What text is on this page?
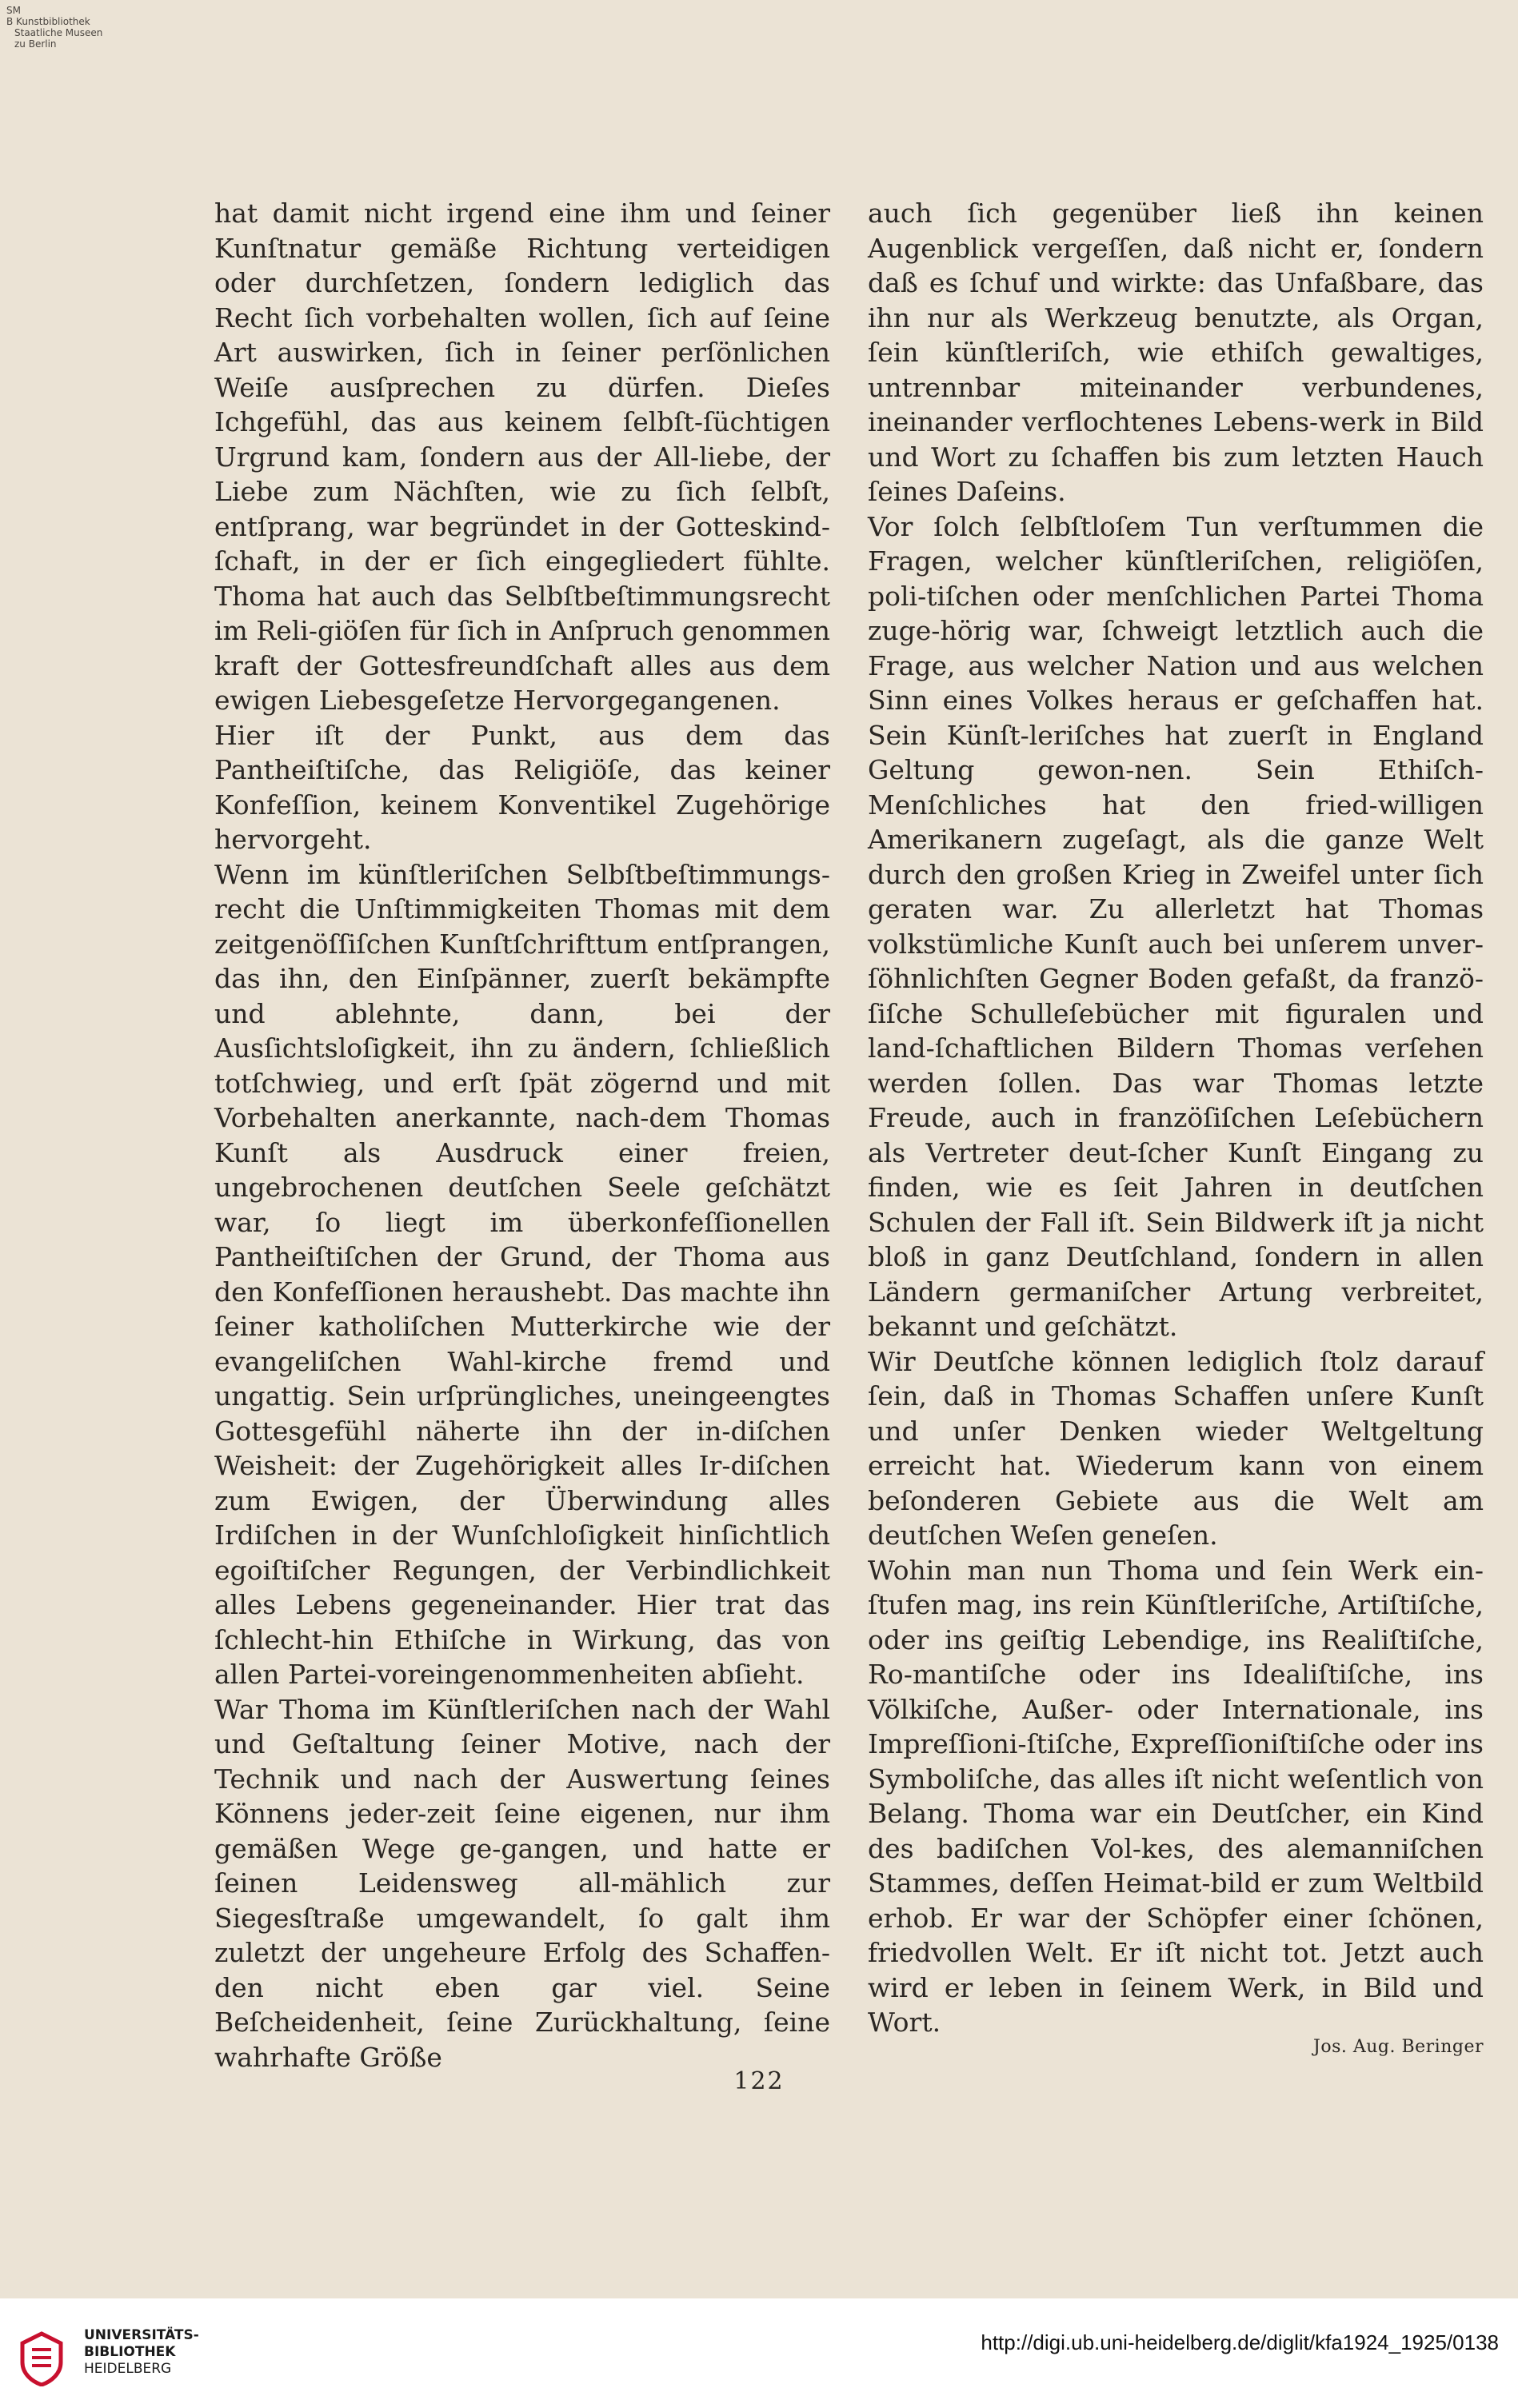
SM
B Kunstbibliothek
Staatliche Museen
zu Berlin

hat damit nicht irgend eine ihm und ſeiner Kunſtnatur gemäße Richtung verteidigen oder durchſetzen, ſondern lediglich das Recht ſich vorbehalten wollen, ſich auf ſeine Art auswirken, ſich in ſeiner perſönlichen Weiſe ausſprechen zu dürfen. Dieſes Ichgefühl, das aus keinem ſelbſt-ſüchtigen Urgrund kam, ſondern aus der All-liebe, der Liebe zum Nächſten, wie zu ſich ſelbſt, entſprang, war begründet in der Gotteskind-ſchaft, in der er ſich eingegliedert fühlte. Thoma hat auch das Selbſtbeſtimmungsrecht im Reli-giöſen für ſich in Anſpruch genommen kraft der Gottesfreundſchaft alles aus dem ewigen Liebesgeſetze Hervorgegangenen.

Hier iſt der Punkt, aus dem das Pantheiſtiſche, das Religiöſe, das keiner Konfeſſion, keinem Konventikel Zugehörige hervorgeht.

Wenn im künſtleriſchen Selbſtbeſtimmungs-recht die Unſtimmigkeiten Thomas mit dem zeitgenöſſiſchen Kunſtſchrifttum entſprangen, das ihn, den Einſpänner, zuerſt bekämpfte und ablehnte, dann, bei der Ausſichtsloſigkeit, ihn zu ändern, ſchließlich totſchwieg, und erſt ſpät zögernd und mit Vorbehalten anerkannte, nach-dem Thomas Kunſt als Ausdruck einer freien, ungebrochenen deutſchen Seele geſchätzt war, ſo liegt im überkonfeſſionellen Pantheiſtiſchen der Grund, der Thoma aus den Konfeſſionen heraushebt. Das machte ihn ſeiner katholiſchen Mutterkirche wie der evangeliſchen Wahl-kirche fremd und ungattig. Sein urſprüngliches, uneingeengtes Gottesgefühl näherte ihn der in-diſchen Weisheit: der Zugehörigkeit alles Ir-diſchen zum Ewigen, der Überwindung alles Irdiſchen in der Wunſchloſigkeit hinſichtlich egoiſtiſcher Regungen, der Verbindlichkeit alles Lebens gegeneinander. Hier trat das ſchlecht-hin Ethiſche in Wirkung, das von allen Partei-voreingenommenheiten abſieht.

War Thoma im Künſtleriſchen nach der Wahl und Geſtaltung ſeiner Motive, nach der Technik und nach der Auswertung ſeines Könnens jeder-zeit ſeine eigenen, nur ihm gemäßen Wege ge-gangen, und hatte er ſeinen Leidensweg all-mählich zur Siegesſtraße umgewandelt, ſo galt ihm zuletzt der ungeheure Erfolg des Schaffen-den nicht eben gar viel. Seine Beſcheidenheit, ſeine Zurückhaltung, ſeine wahrhafte Größe

auch ſich gegenüber ließ ihn keinen Augenblick vergeſſen, daß nicht er, ſondern daß es ſchuf und wirkte: das Unfaßbare, das ihn nur als Werkzeug benutzte, als Organ, ſein künſtleriſch, wie ethiſch gewaltiges, untrennbar miteinander verbundenes, ineinander verflochtenes Lebens-werk in Bild und Wort zu ſchaffen bis zum letzten Hauch ſeines Daſeins.

Vor ſolch ſelbſtloſem Tun verſtummen die Fragen, welcher künſtleriſchen, religiöſen, poli-tiſchen oder menſchlichen Partei Thoma zuge-hörig war, ſchweigt letztlich auch die Frage, aus welcher Nation und aus welchen Sinn eines Volkes heraus er geſchaffen hat. Sein Künſt-leriſches hat zuerſt in England Geltung gewon-nen. Sein Ethiſch-Menſchliches hat den fried-willigen Amerikanern zugeſagt, als die ganze Welt durch den großen Krieg in Zweifel unter ſich geraten war. Zu allerletzt hat Thomas volkstümliche Kunſt auch bei unſerem unver-ſöhnlichſten Gegner Boden gefaßt, da franzö-ſiſche Schulleſebücher mit figuralen und land-ſchaftlichen Bildern Thomas verſehen werden ſollen. Das war Thomas letzte Freude, auch in franzöſiſchen Leſebüchern als Vertreter deut-ſcher Kunſt Eingang zu finden, wie es ſeit Jahren in deutſchen Schulen der Fall iſt. Sein Bildwerk iſt ja nicht bloß in ganz Deutſchland, ſondern in allen Ländern germaniſcher Artung verbreitet, bekannt und geſchätzt.

Wir Deutſche können lediglich ſtolz darauf ſein, daß in Thomas Schaffen unſere Kunſt und unſer Denken wieder Weltgeltung erreicht hat. Wiederum kann von einem beſonderen Gebiete aus die Welt am deutſchen Weſen geneſen.

Wohin man nun Thoma und ſein Werk ein-ſtufen mag, ins rein Künſtleriſche, Artiſtiſche, oder ins geiſtig Lebendige, ins Realiſtiſche, Ro-mantiſche oder ins Idealiſtiſche, ins Völkiſche, Außer- oder Internationale, ins Impreſſioni-ſtiſche, Expreſſioniſtiſche oder ins Symboliſche, das alles iſt nicht weſentlich von Belang. Thoma war ein Deutſcher, ein Kind des badiſchen Vol-kes, des alemanniſchen Stammes, deſſen Heimat-bild er zum Weltbild erhob. Er war der Schöpfer einer ſchönen, friedvollen Welt. Er iſt nicht tot. Jetzt auch wird er leben in ſeinem Werk, in Bild und Wort.

Jos. Aug. Beringer
122
UNIVERSITÄTS-
BIBLIOTHEK
HEIDELBERG
http://digi.ub.uni-heidelberg.de/diglit/kfa1924_1925/0138
